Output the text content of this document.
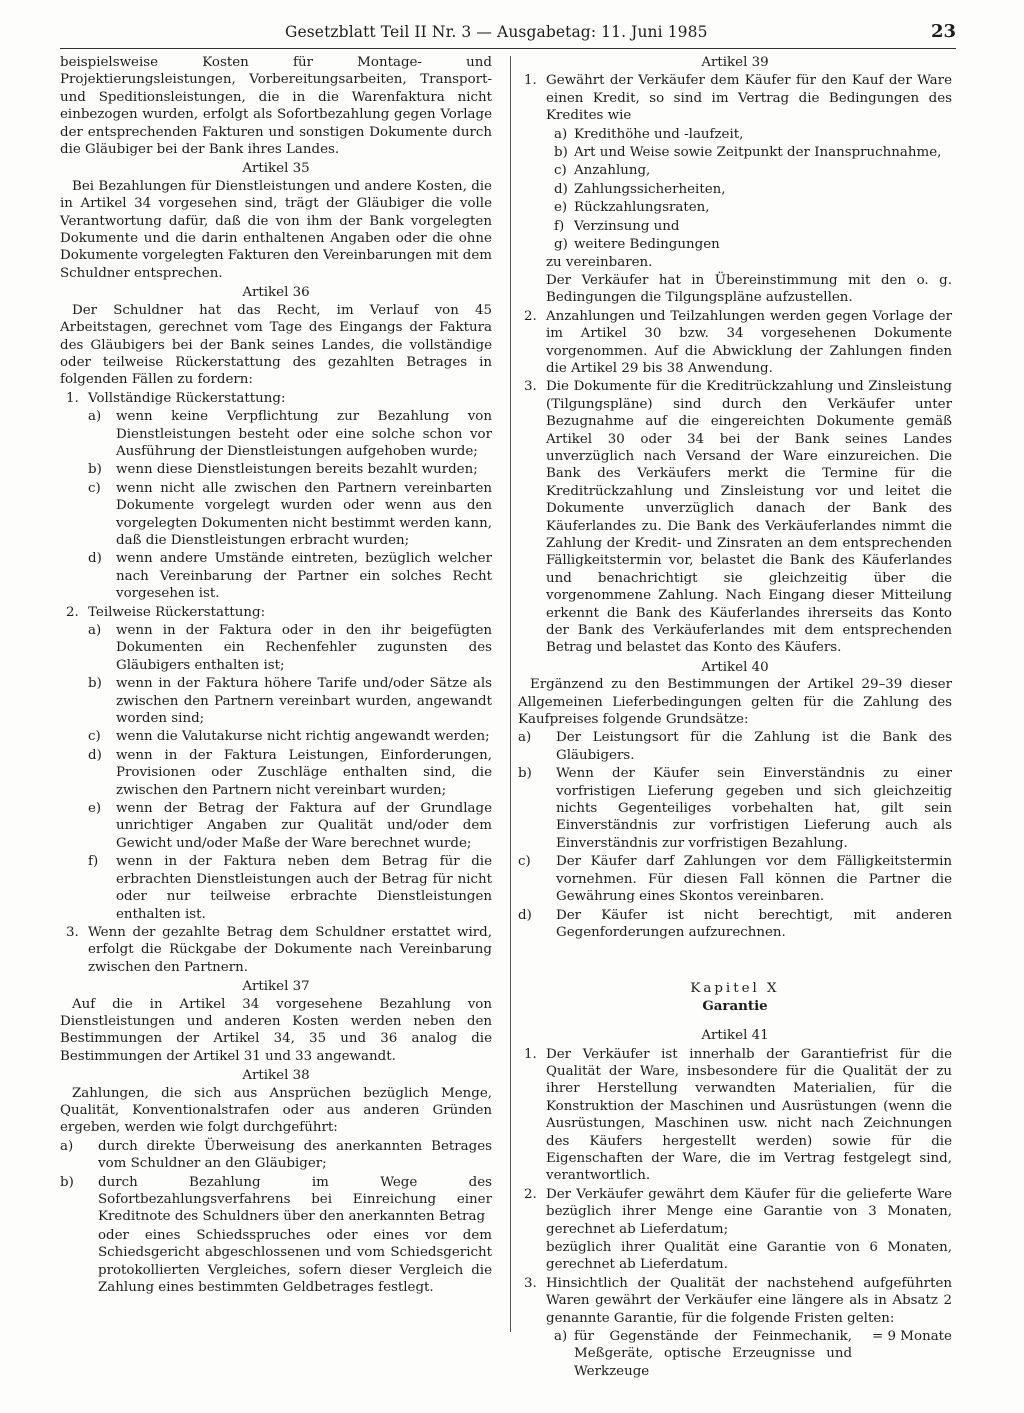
Gesetzblatt Teil II Nr. 3 — Ausgabetag: 11. Juni 1985	23

beispielsweise Kosten für Montage- und Projektierungsleistungen, Vorbereitungsarbeiten, Transport- und Speditionsleistungen, die in die Warenfaktura nicht einbezogen wurden, erfolgt als Sofortbezahlung gegen Vorlage der entsprechenden Fakturen und sonstigen Dokumente durch die Gläubiger bei der Bank ihres Landes.

Artikel 35

Bei Bezahlungen für Dienstleistungen und andere Kosten, die in Artikel 34 vorgesehen sind, trägt der Gläubiger die volle Verantwortung dafür, daß die von ihm der Bank vorgelegten Dokumente und die darin enthaltenen Angaben oder die ohne Dokumente vorgelegten Fakturen den Vereinbarungen mit dem Schuldner entsprechen.

Artikel 36

Der Schuldner hat das Recht, im Verlauf von 45 Arbeitstagen, gerechnet vom Tage des Eingangs der Faktura des Gläubigers bei der Bank seines Landes, die vollständige oder teilweise Rückerstattung des gezahlten Betrages in folgenden Fällen zu fordern:

1. Vollständige Rückerstattung:
a)	wenn keine Verpflichtung zur Bezahlung von Dienstleistungen besteht oder eine solche schon vor Ausführung der Dienstleistungen aufgehoben wurde;
b)	wenn diese Dienstleistungen bereits bezahlt wurden;
c)	wenn nicht alle zwischen den Partnern vereinbarten Dokumente vorgelegt wurden oder wenn aus den vorgelegten Dokumenten nicht bestimmt werden kann, daß die Dienstleistungen erbracht wurden;
d)	wenn andere Umstände eintreten, bezüglich welcher nach Vereinbarung der Partner ein solches Recht vorgesehen ist.
2. Teilweise Rückerstattung:
a)	wenn in der Faktura oder in den ihr beigefügten Dokumenten ein Rechenfehler zugunsten des Gläubigers enthalten ist;
b)	wenn in der Faktura höhere Tarife und/oder Sätze als zwischen den Partnern vereinbart wurden, angewandt worden sind;
c)	wenn die Valutakurse nicht richtig angewandt werden;
d)	wenn in der Faktura Leistungen, Einforderungen, Provisionen oder Zuschläge enthalten sind, die zwischen den Partnern nicht vereinbart wurden;
e)	wenn der Betrag der Faktura auf der Grundlage unrichtiger Angaben zur Qualität und/oder dem Gewicht und/oder Maße der Ware berechnet wurde;
f)	wenn in der Faktura neben dem Betrag für die erbrachten Dienstleistungen auch der Betrag für nicht oder nur teilweise erbrachte Dienstleistungen enthalten ist.
3. Wenn der gezahlte Betrag dem Schuldner erstattet wird, erfolgt die Rückgabe der Dokumente nach Vereinbarung zwischen den Partnern.

Artikel 37

Auf die in Artikel 34 vorgesehene Bezahlung von Dienstleistungen und anderen Kosten werden neben den Bestimmungen der Artikel 34, 35 und 36 analog die Bestimmungen der Artikel 31 und 33 angewandt.

Artikel 38

Zahlungen, die sich aus Ansprüchen bezüglich Menge, Qualität, Konventionalstrafen oder aus anderen Gründen ergeben, werden wie folgt durchgeführt:

a)	durch direkte Überweisung des anerkannten Betrages vom Schuldner an den Gläubiger;
b)	durch Bezahlung im Wege des Sofortbezahlungsverfahrens bei Einreichung einer Kreditnote des Schuldners über den anerkannten Betrag

oder eines Schiedsspruches oder eines vor dem Schiedsgericht abgeschlossenen und vom Schiedsgericht protokollierten Vergleiches, sofern dieser Vergleich die Zahlung eines bestimmten Geldbetrages festlegt.

Artikel 39

1. Gewährt der Verkäufer dem Käufer für den Kauf der Ware einen Kredit, so sind im Vertrag die Bedingungen des Kredites wie
a) Kredithöhe und -laufzeit,
b) Art und Weise sowie Zeitpunkt der Inanspruchnahme,
c) Anzahlung,
d) Zahlungssicherheiten,
e) Rückzahlungsraten,
f) Verzinsung und
g) weitere Bedingungen

zu vereinbaren.

Der Verkäufer hat in Übereinstimmung mit den o. g. Bedingungen die Tilgungspläne aufzustellen.

2. Anzahlungen und Teilzahlungen werden gegen Vorlage der im Artikel 30 bzw. 34 vorgesehenen Dokumente vorgenommen. Auf die Abwicklung der Zahlungen finden die Artikel 29 bis 38 Anwendung.
3. Die Dokumente für die Kreditrückzahlung und Zinsleistung (Tilgungspläne) sind durch den Verkäufer unter Bezugnahme auf die eingereichten Dokumente gemäß Artikel 30 oder 34 bei der Bank seines Landes unverzüglich nach Versand der Ware einzureichen. Die Bank des Verkäufers merkt die Termine für die Kreditrückzahlung und Zinsleistung vor und leitet die Dokumente unverzüglich danach der Bank des Käuferlandes zu. Die Bank des Verkäuferlandes nimmt die Zahlung der Kredit- und Zinsraten an dem entsprechenden Fälligkeitstermin vor, belastet die Bank des Käuferlandes und benachrichtigt sie gleichzeitig über die vorgenommene Zahlung. Nach Eingang dieser Mitteilung erkennt die Bank des Käuferlandes ihrerseits das Konto der Bank des Verkäuferlandes mit dem entsprechenden Betrag und belastet das Konto des Käufers.

Artikel 40

Ergänzend zu den Bestimmungen der Artikel 29–39 dieser Allgemeinen Lieferbedingungen gelten für die Zahlung des Kaufpreises folgende Grundsätze:

a)	Der Leistungsort für die Zahlung ist die Bank des Gläubigers.
b)	Wenn der Käufer sein Einverständnis zu einer vorfristigen Lieferung gegeben und sich gleichzeitig nichts Gegenteiliges vorbehalten hat, gilt sein Einverständnis zur vorfristigen Lieferung auch als Einverständnis zur vorfristigen Bezahlung.
c)	Der Käufer darf Zahlungen vor dem Fälligkeitstermin vornehmen. Für diesen Fall können die Partner die Gewährung eines Skontos vereinbaren.
d)	Der Käufer ist nicht berechtigt, mit anderen Gegenforderungen aufzurechnen.

Kapitel X

Garantie

Artikel 41

1. Der Verkäufer ist innerhalb der Garantiefrist für die Qualität der Ware, insbesondere für die Qualität der zu ihrer Herstellung verwandten Materialien, für die Konstruktion der Maschinen und Ausrüstungen (wenn die Ausrüstungen, Maschinen usw. nicht nach Zeichnungen des Käufers hergestellt werden) sowie für die Eigenschaften der Ware, die im Vertrag festgelegt sind, verantwortlich.
2. Der Verkäufer gewährt dem Käufer für die gelieferte Ware bezüglich ihrer Menge eine Garantie von 3 Monaten, gerechnet ab Lieferdatum;

bezüglich ihrer Qualität eine Garantie von 6 Monaten, gerechnet ab Lieferdatum.

3. Hinsichtlich der Qualität der nachstehend aufgeführten Waren gewährt der Verkäufer eine längere als in Absatz 2 genannte Garantie, für die folgende Fristen gelten:
a) für Gegenstände der Feinmechanik, Meßgeräte, optische Erzeugnisse und Werkzeuge
= 9 Monate
